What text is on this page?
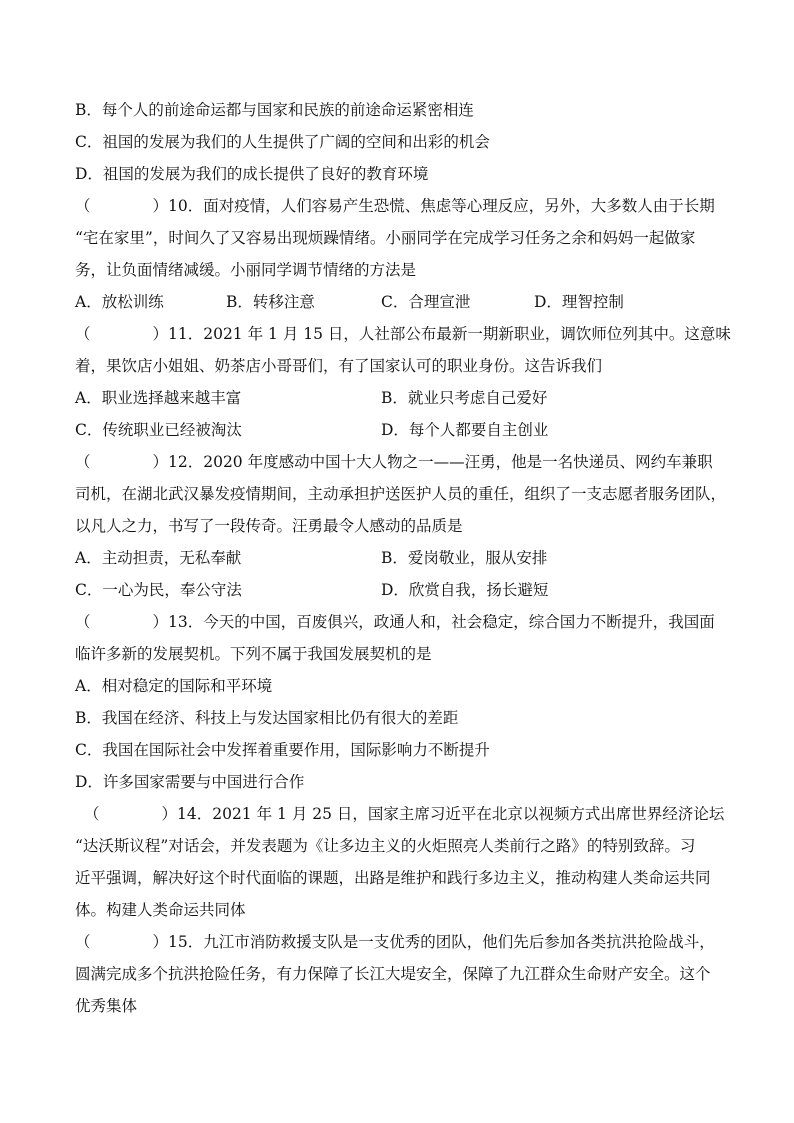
B．每个人的前途命运都与国家和民族的前途命运紧密相连
C．祖国的发展为我们的人生提供了广阔的空间和出彩的机会
D．祖国的发展为我们的成长提供了良好的教育环境
（　　　　）10．面对疫情，人们容易产生恐慌、焦虑等心理反应，另外，大多数人由于长期
“宅在家里”，时间久了又容易出现烦躁情绪。小丽同学在完成学习任务之余和妈妈一起做家
务，让负面情绪减缓。小丽同学调节情绪的方法是
A．放松训练	B．转移注意	C．合理宣泄	D．理智控制
（　　　　）11．2021 年 1 月 15 日，人社部公布最新一期新职业，调饮师位列其中。这意味
着，果饮店小姐姐、奶茶店小哥哥们，有了国家认可的职业身份。这告诉我们
A．职业选择越来越丰富	B．就业只考虑自己爱好
C．传统职业已经被淘汰	D．每个人都要自主创业
（　　　　）12．2020 年度感动中国十大人物之一——汪勇，他是一名快递员、网约车兼职
司机，在湖北武汉暴发疫情期间，主动承担护送医护人员的重任，组织了一支志愿者服务团队，
以凡人之力，书写了一段传奇。汪勇最令人感动的品质是
A．主动担责，无私奉献	B．爱岗敬业，服从安排
C．一心为民，奉公守法	D．欣赏自我，扬长避短
（　　　　）13．今天的中国，百废俱兴，政通人和，社会稳定，综合国力不断提升，我国面
临许多新的发展契机。下列不属于我国发展契机的是
A．相对稳定的国际和平环境
B．我国在经济、科技上与发达国家相比仍有很大的差距
C．我国在国际社会中发挥着重要作用，国际影响力不断提升
D．许多国家需要与中国进行合作
（　　　　）14．2021 年 1 月 25 日，国家主席习近平在北京以视频方式出席世界经济论坛
“达沃斯议程”对话会，并发表题为《让多边主义的火炬照亮人类前行之路》的特别致辞。习
近平强调，解决好这个时代面临的课题，出路是维护和践行多边主义，推动构建人类命运共同
体。构建人类命运共同体
（　　　　）15．九江市消防救援支队是一支优秀的团队，他们先后参加各类抗洪抢险战斗，
圆满完成多个抗洪抢险任务，有力保障了长江大堤安全，保障了九江群众生命财产安全。这个
优秀集体
